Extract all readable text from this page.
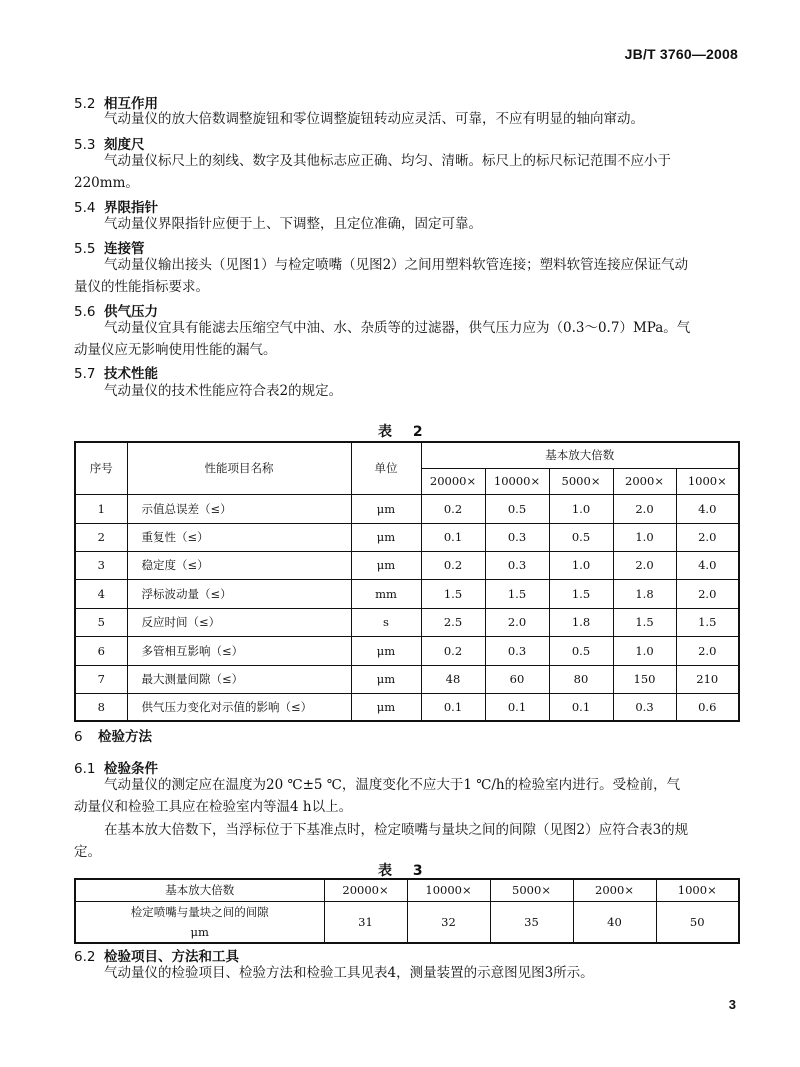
JB/T 3760—2008
5.2 相互作用
气动量仪的放大倍数调整旋钮和零位调整旋钮转动应灵活、可靠，不应有明显的轴向窜动。
5.3 刻度尺
气动量仪标尺上的刻线、数字及其他标志应正确、均匀、清晰。标尺上的标尺标记范围不应小于
220mm。
5.4 界限指针
气动量仪界限指针应便于上、下调整，且定位准确，固定可靠。
5.5 连接管
气动量仪输出接头（见图1）与检定喷嘴（见图2）之间用塑料软管连接；塑料软管连接应保证气动
量仪的性能指标要求。
5.6 供气压力
气动量仪宜具有能滤去压缩空气中油、水、杂质等的过滤器，供气压力应为（0.3～0.7）MPa。气
动量仪应无影响使用性能的漏气。
5.7 技术性能
气动量仪的技术性能应符合表2的规定。
表 2
序号	性能项目名称	单位	基本放大倍数				
			20000×	10000×	5000×	2000×	1000×
1	示值总误差（≤）	μm	0.2	0.5	1.0	2.0	4.0
2	重复性（≤）	μm	0.1	0.3	0.5	1.0	2.0
3	稳定度（≤）	μm	0.2	0.3	1.0	2.0	4.0
4	浮标波动量（≤）	mm	1.5	1.5	1.5	1.8	2.0
5	反应时间（≤）	s	2.5	2.0	1.8	1.5	1.5
6	多管相互影响（≤）	μm	0.2	0.3	0.5	1.0	2.0
7	最大测量间隙（≤）	μm	48	60	80	150	210
8	供气压力变化对示值的影响（≤）	μm	0.1	0.1	0.1	0.3	0.6
6 检验方法
6.1 检验条件
气动量仪的测定应在温度为20 ℃±5 ℃，温度变化不应大于1 ℃/h的检验室内进行。受检前，气
动量仪和检验工具应在检验室内等温4 h以上。
在基本放大倍数下，当浮标位于下基准点时，检定喷嘴与量块之间的间隙（见图2）应符合表3的规
定。
表 3
基本放大倍数	20000×	10000×	5000×	2000×	1000×

检定喷嘴与量块之间的间隙
μm	31	32	35	40	50
6.2 检验项目、方法和工具
气动量仪的检验项目、检验方法和检验工具见表4，测量装置的示意图见图3所示。
3
